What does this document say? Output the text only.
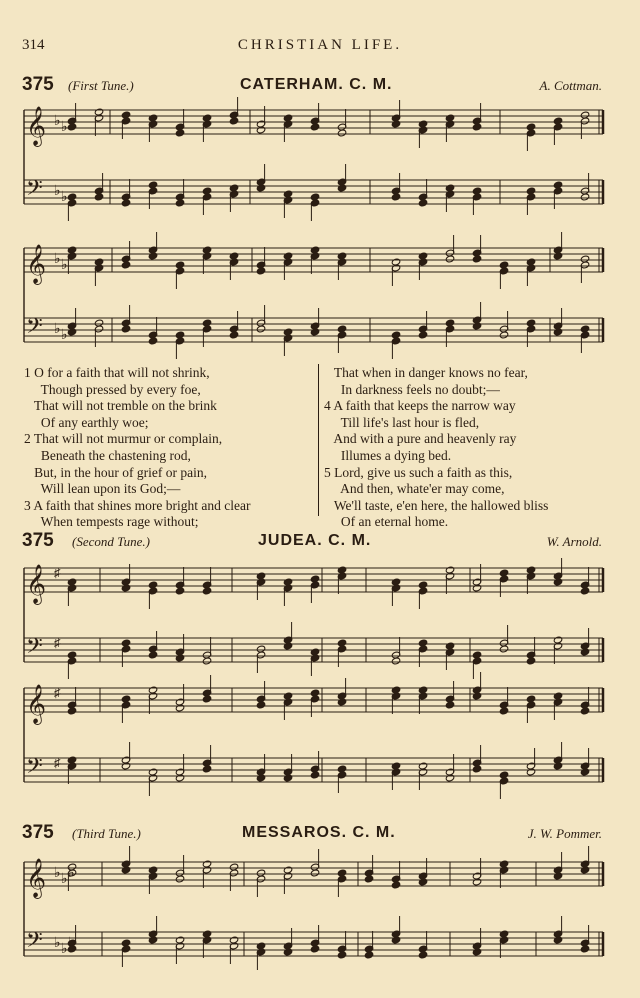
314	CHRISTIAN LIFE.
375 (First Tune.)	CATERHAM. C. M.	A. Cottman.
1 O for a faith that will not shrink,
Though pressed by every foe,
That will not tremble on the brink
Of any earthly woe;
2 That will not murmur or complain,
Beneath the chastening rod,
But, in the hour of grief or pain,
Will lean upon its God;—
3 A faith that shines more bright and clear
When tempests rage without;
That when in danger knows no fear,
In darkness feels no doubt;—
4 A faith that keeps the narrow way
Till life's last hour is fled,
And with a pure and heavenly ray
Illumes a dying bed.
5 Lord, give us such a faith as this,
And then, whate'er may come,
We'll taste, e'en here, the hallowed bliss
Of an eternal home.
375 (Second Tune.)	JUDEA. C. M.	W. Arnold.
375 (Third Tune.)	MESSAROS. C. M.	J. W. Pommer.
𝄞 ♭ ♭
𝄢 ♭ ♭
𝄞 ♭ ♭
𝄢 ♭ ♭
𝄞 ♯
𝄢 ♯
𝄞 ♯
𝄢 ♯
𝄞 ♭ ♭ ♭
𝄢 ♭ ♭
